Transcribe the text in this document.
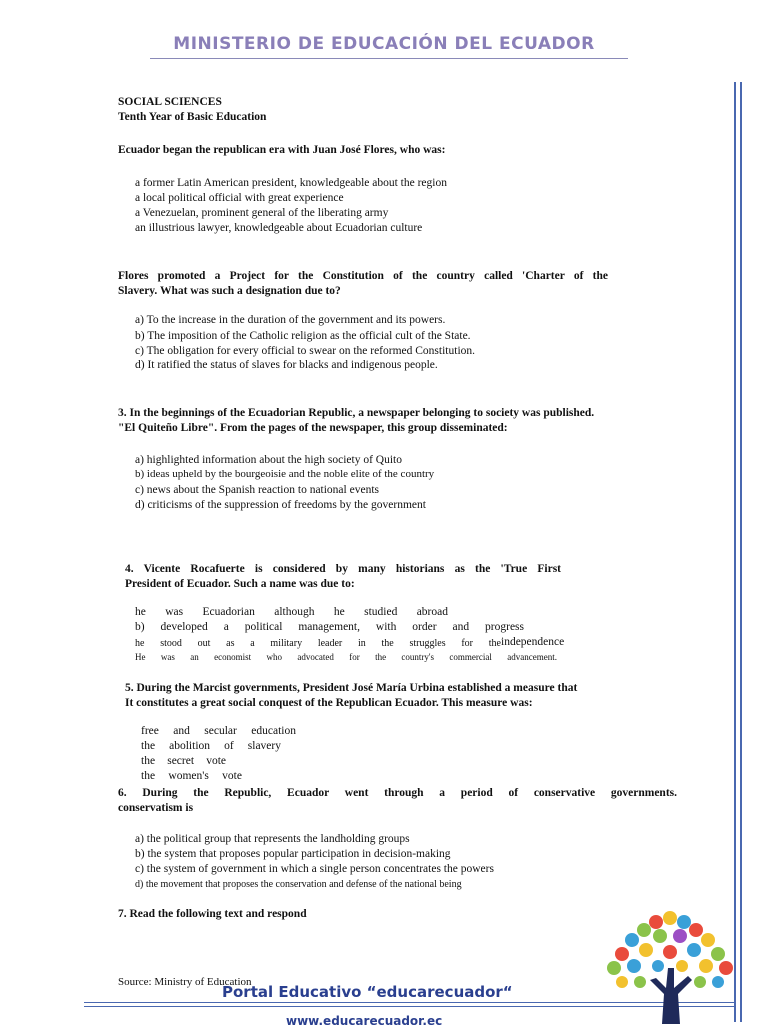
MINISTERIO DE EDUCACIÓN DEL ECUADOR
SOCIAL SCIENCES
Tenth Year of Basic Education
Ecuador began the republican era with Juan José Flores, who was:
a former Latin American president, knowledgeable about the region
a local political official with great experience
a Venezuelan, prominent general of the liberating army
an illustrious lawyer, knowledgeable about Ecuadorian culture
Flores promoted a Project for the Constitution of the country called 'Charter of the
Slavery. What was such a designation due to?
a) To the increase in the duration of the government and its powers.
b) The imposition of the Catholic religion as the official cult of the State.
c) The obligation for every official to swear on the reformed Constitution.
d) It ratified the status of slaves for blacks and indigenous people.
3. In the beginnings of the Ecuadorian Republic, a newspaper belonging to society was published.
"El Quiteño Libre". From the pages of the newspaper, this group disseminated:
a) highlighted information about the high society of Quito
b) ideas upheld by the bourgeoisie and the noble elite of the country
c) news about the Spanish reaction to national events
d) criticisms of the suppression of freedoms by the government
4. Vicente Rocafuerte is considered by many historians as the 'True First
President of Ecuador. Such a name was due to:
he was Ecuadorian although he studied abroad
b) developed a political management, with order and progress
he stood out as a military leader in the struggles for the independence
He was an economist who advocated for the country's commercial advancement.
5. During the Marcist governments, President José María Urbina established a measure that
It constitutes a great social conquest of the Republican Ecuador. This measure was:
free and secular education
the abolition of slavery
the secret vote
the women's vote
6. During the Republic, Ecuador went through a period of conservative governments.
conservatism is
a) the political group that represents the landholding groups
b) the system that proposes popular participation in decision-making
c) the system of government in which a single person concentrates the powers
d) the movement that proposes the conservation and defense of the national being
7. Read the following text and respond
Source: Ministry of Education
Portal Educativo “educarecuador“
www.educarecuador.ec
